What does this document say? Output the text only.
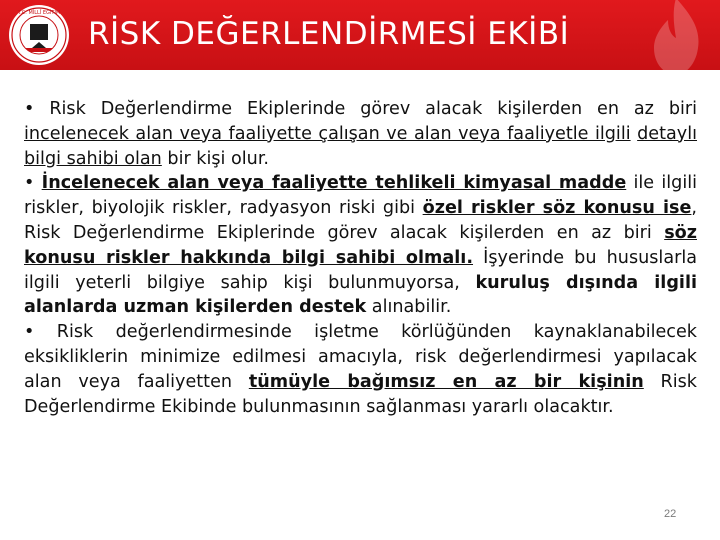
T.C. MİLLÎ EĞİTİM
RİSK DEĞERLENDİRMESİ EKİBİ

• Risk Değerlendirme Ekiplerinde görev alacak kişilerden en az biri incelenecek alan veya faaliyette çalışan ve alan veya faaliyetle ilgili detaylı bilgi sahibi olan bir kişi olur.

• İncelenecek alan veya faaliyette tehlikeli kimyasal madde ile ilgili riskler, biyolojik riskler, radyasyon riski gibi özel riskler söz konusu ise, Risk Değerlendirme Ekiplerinde görev alacak kişilerden en az biri söz konusu riskler hakkında bilgi sahibi olmalı. İşyerinde bu hususlarla ilgili yeterli bilgiye sahip kişi bulunmuyorsa, kuruluş dışında ilgili alanlarda uzman kişilerden destek alınabilir.

• Risk değerlendirmesinde işletme körlüğünden kaynaklanabilecek eksikliklerin minimize edilmesi amacıyla, risk değerlendirmesi yapılacak alan veya faaliyetten tümüyle bağımsız en az bir kişinin Risk Değerlendirme Ekibinde bulunmasının sağlanması yararlı olacaktır.

22
